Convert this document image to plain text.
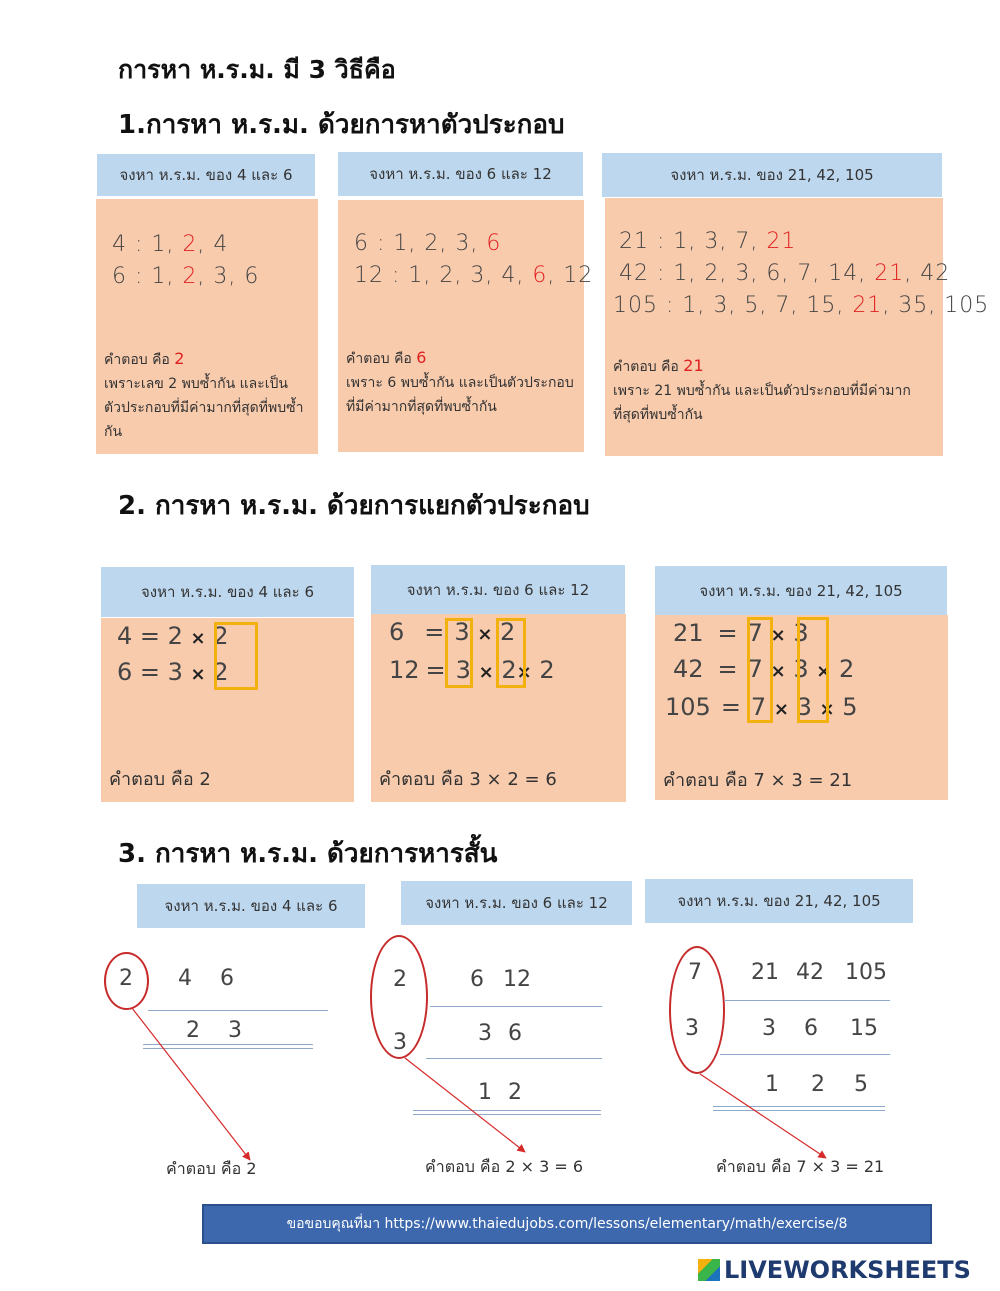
การหา ห.ร.ม. มี 3 วิธีคือ
1.การหา ห.ร.ม. ด้วยการหาตัวประกอบ
จงหา ห.ร.ม. ของ 4 และ 6
4 : 1, 2, 4
6 : 1, 2, 3, 6
คำตอบ คือ 2
เพราะเลข 2 พบซ้ำกัน และเป็นตัวประกอบที่มีค่ามากที่สุดที่พบซ้ำกัน
จงหา ห.ร.ม. ของ 6 และ 12
6 : 1, 2, 3, 6
12 : 1, 2, 3, 4, 6, 12
คำตอบ คือ 6
เพราะ 6 พบซ้ำกัน และเป็นตัวประกอบที่มีค่ามากที่สุดที่พบซ้ำกัน
จงหา ห.ร.ม. ของ 21, 42, 105
21 : 1, 3, 7, 21
42 : 1, 2, 3, 6, 7, 14, 21, 42
105 : 1, 3, 5, 7, 15, 21, 35, 105
คำตอบ คือ 21
เพราะ 21 พบซ้ำกัน และเป็นตัวประกอบที่มีค่ามากที่สุดที่พบซ้ำกัน
2. การหา ห.ร.ม. ด้วยการแยกตัวประกอบ
จงหา ห.ร.ม. ของ 4 และ 6
4 = 2 × 2
6 = 3 × 2
คำตอบ คือ 2
จงหา ห.ร.ม. ของ 6 และ 12
6 = 3 × 2
12 = 3 × 2× 2
คำตอบ คือ 3 × 2 = 6
จงหา ห.ร.ม. ของ 21, 42, 105
21 = 7 × 3
42 = 7 × 3 × 2
105 = 7 × 3 × 5
คำตอบ คือ 7 × 3 = 21
3. การหา ห.ร.ม. ด้วยการหารสั้น
จงหา ห.ร.ม. ของ 4 และ 6	จงหา ห.ร.ม. ของ 6 และ 12	จงหา ห.ร.ม. ของ 21, 42, 105
2 4 6
2 3
คำตอบ คือ 2
2
3
6 12
3 6
1 2
คำตอบ คือ 2 × 3 = 6
7
3
21 42 105
3 6 15
1 2 5
คำตอบ คือ 7 × 3 = 21
ขอขอบคุณที่มา https://www.thaiedujobs.com/lessons/elementary/math/exercise/8
LIVEWORKSHEETS
